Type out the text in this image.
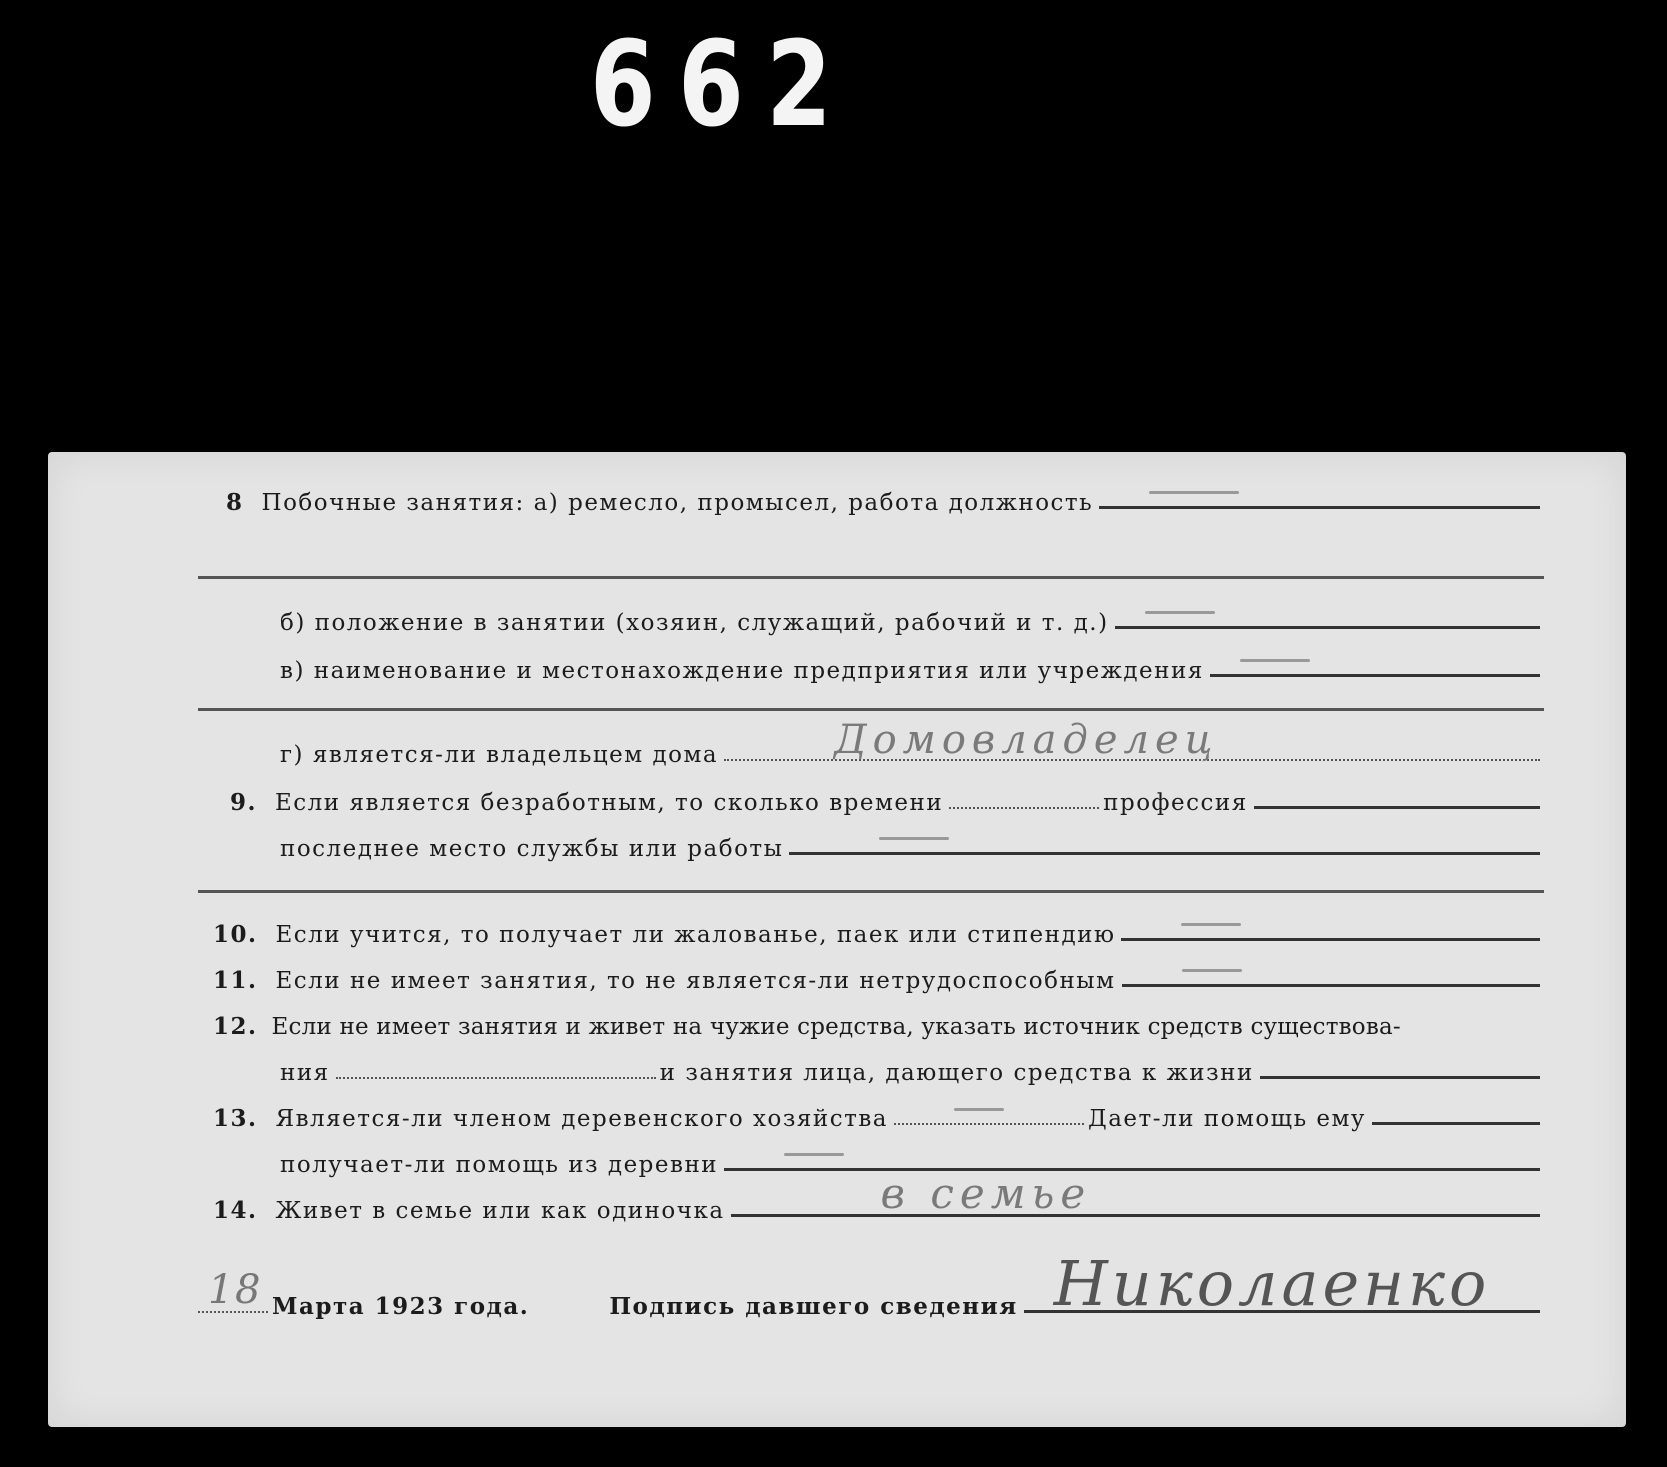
662
8 Побочные занятия: а) ремесло, промысел, работа должность
б) положение в занятии (хозяин, служащий, рабочий и т. д.)
в) наименование и местонахождение предприятия или учреждения
г) является-ли владельцем дома	Домовладелец
9. Если является безработным, то сколько времени	профессия
последнее место службы или работы
10. Если учится, то получает ли жалованье, паек или стипендию
11. Если не имеет занятия, то не является-ли нетрудоспособным
12. Если не имеет занятия и живет на чужие средства, указать источник средств существова-
ния	и занятия лица, дающего средства к жизни
13. Является-ли членом деревенского хозяйства	Дает-ли помощь ему
получает-ли помощь из деревни
14. Живет в семье или как одиночка	в семье
18 Марта 1923 года.	Подпись давшего сведения Николаенко
